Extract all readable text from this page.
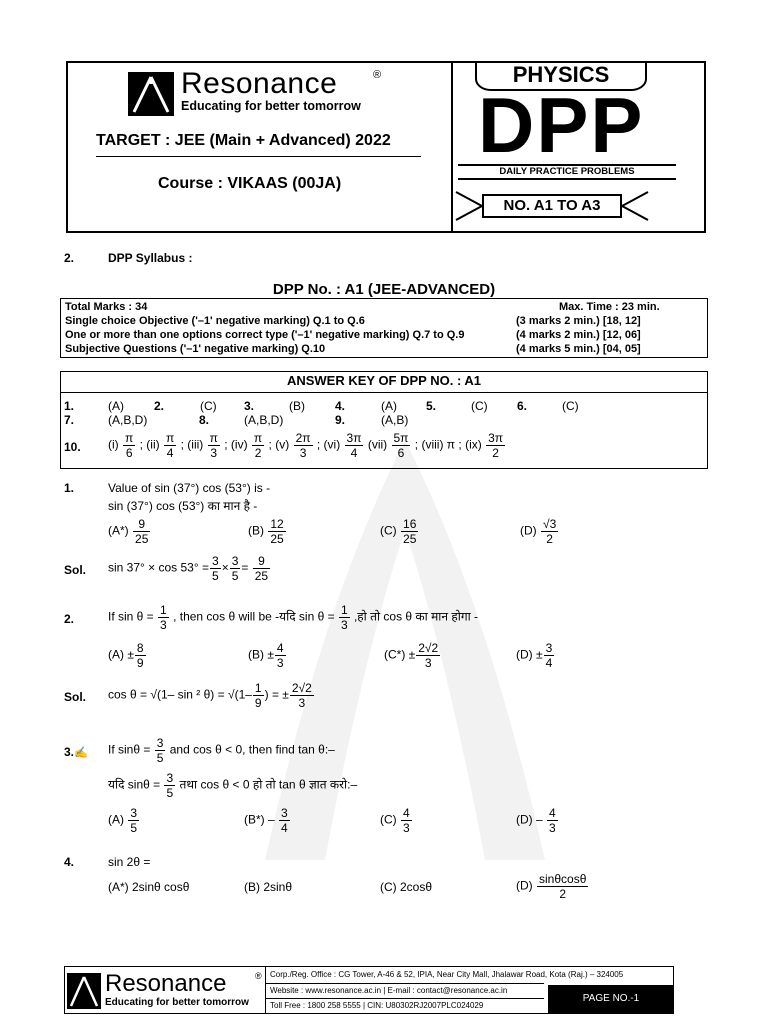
Resonance	®
Educating for better tomorrow
TARGET : JEE (Main + Advanced) 2022
Course : VIKAAS (00JA)
PHYSICS
DPP
DAILY PRACTICE PROBLEMS
NO. A1 TO A3
2.	DPP Syllabus :
DPP No. : A1 (JEE-ADVANCED)
Total Marks : 34	Max. Time : 23 min.
Single choice Objective ('–1' negative marking) Q.1 to Q.6	(3 marks 2 min.) [18, 12]
One or more than one options correct type ('–1' negative marking) Q.7 to Q.9	(4 marks 2 min.) [12, 06]
Subjective Questions ('–1' negative marking) Q.10	(4 marks 5 min.) [04, 05]
ANSWER KEY OF DPP NO. : A1
1.	(A)	2.	(C) 3.	(B)	4.	(A) 5.	(C) 6.	(C)
7.	(A,B,D)	8.	(A,B,D)	9.	(A,B)
10. $(i) \frac{\pi}{6}$ ; $(ii) \frac{\pi}{4}$ ; $(iii) \frac{\pi}{3}$ ; $(iv) \frac{\pi}{2}$ ; $(v) \frac{2\pi}{3}$ ; $(vi) \frac{3\pi}{4} (vii) \frac{5\pi}{6}$ ; (viii) π ; $(ix) \frac{3\pi}{2}$
1.	Value of sin (37°) cos (53°) is -
sin (37°) cos (53°) का मान है -
$(A*) \frac{9}{25}$	$(B) \frac{12}{25}$	$(C) \frac{16}{25}$	$(D) \frac{√3}{2}$
Sol. $\sin 37^\circ \times \cos 53^\circ = \frac{3}{5} \times \frac{3}{5} = \frac{9}{25}$
2.	If $\sin \theta = \frac{1}{3}$ , then cos θ will be -यदि $\sin \theta = \frac{1}{3}$ ,हो तो cos θ का मान होगा -
$(A) \pm \frac{8}{9}$	$(B) \pm \frac{4}{3}$	$(C*) \pm \frac{2√2}{3}$	$(D) \pm \frac{3}{4}$
Sol. cos θ = √(1– sin ² $\theta) = √(1- \frac{1}{9}$ ) = ± $\frac{2√2}{3}$
3.✍ If $\sin\theta = \frac{3}{5}$ and cos θ < 0, then find tan θ:–
यदि $\sin\theta = \frac{3}{5}$ तथा cos θ < 0 हो तो tan θ ज्ञात करो:–
$(A) \frac{3}{5}$	$(B*) - \frac{3}{4}$	$(C) \frac{4}{3}$	$(D) - \frac{4}{3}$
4.	sin 2θ =
(A*) 2sinθ cosθ	(B) 2sinθ	(C) 2cosθ	$(D) \frac{\sin\theta\cos\theta}{2}$
Resonance	®
Educating for better tomorrow
Corp./Reg. Office : CG Tower, A-46 & 52, IPIA, Near City Mall, Jhalawar Road, Kota (Raj.) – 324005
Website : www.resonance.ac.in | E-mail : contact@resonance.ac.in
Toll Free : 1800 258 5555 | CIN: U80302RJ2007PLC024029
PAGE NO.-1
